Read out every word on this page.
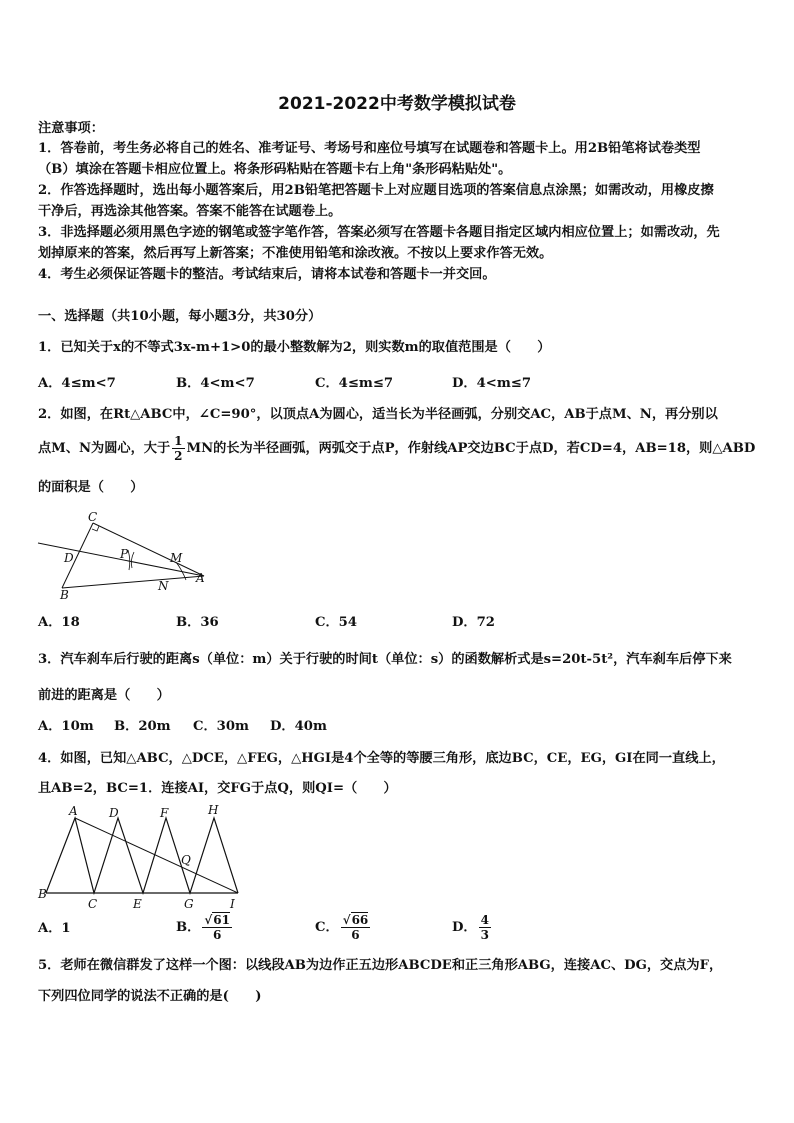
2021-2022中考数学模拟试卷
注意事项：
1．答卷前，考生务必将自己的姓名、准考证号、考场号和座位号填写在试题卷和答题卡上。用2B铅笔将试卷类型
（B）填涂在答题卡相应位置上。将条形码粘贴在答题卡右上角"条形码粘贴处"。
2．作答选择题时，选出每小题答案后，用2B铅笔把答题卡上对应题目选项的答案信息点涂黑；如需改动，用橡皮擦
干净后，再选涂其他答案。答案不能答在试题卷上。
3．非选择题必须用黑色字迹的钢笔或签字笔作答，答案必须写在答题卡各题目指定区域内相应位置上；如需改动，先
划掉原来的答案，然后再写上新答案；不准使用铅笔和涂改液。不按以上要求作答无效。
4．考生必须保证答题卡的整洁。考试结束后，请将本试卷和答题卡一并交回。
一、选择题（共10小题，每小题3分，共30分）
1．已知关于x的不等式3x-m+1>0的最小整数解为2，则实数m的取值范围是（　　）
A．4≤m<7	B．4<m<7	C．4≤m≤7	D．4<m≤7
2．如图，在Rt△ABC中，∠C=90°，以顶点A为圆心，适当长为半径画弧，分别交AC，AB于点M、N，再分别以
点M、N为圆心，大于 $\frac{1}{2}$ MN的长为半径画弧，两弧交于点P，作射线AP交边BC于点D，若CD=4，AB=18，则△ABD
的面积是（　　）
C
D	P	M
N
A
B
A．18	B．36	C．54	D．72
3．汽车刹车后行驶的距离s（单位：m）关于行驶的时间t（单位：s）的函数解析式是s=20t-5t²，汽车刹车后停下来
前进的距离是（　　）
A．10m B．20m C．30m D．40m
4．如图，已知△ABC，△DCE，△FEG，△HGI是4个全等的等腰三角形，底边BC，CE，EG，GI在同一直线上，
且AB=2，BC=1．连接AI，交FG于点Q，则QI=（　　）
A	D	F	H
Q
B
C	E	G	I
A．1	B． $\frac{√61}{6}$	C． $\frac{√66}{6}$	D． $\frac{4}{3}$
5．老师在微信群发了这样一个图：以线段AB为边作正五边形ABCDE和正三角形ABG，连接AC、DG，交点为F，
下列四位同学的说法不正确的是(　　)
